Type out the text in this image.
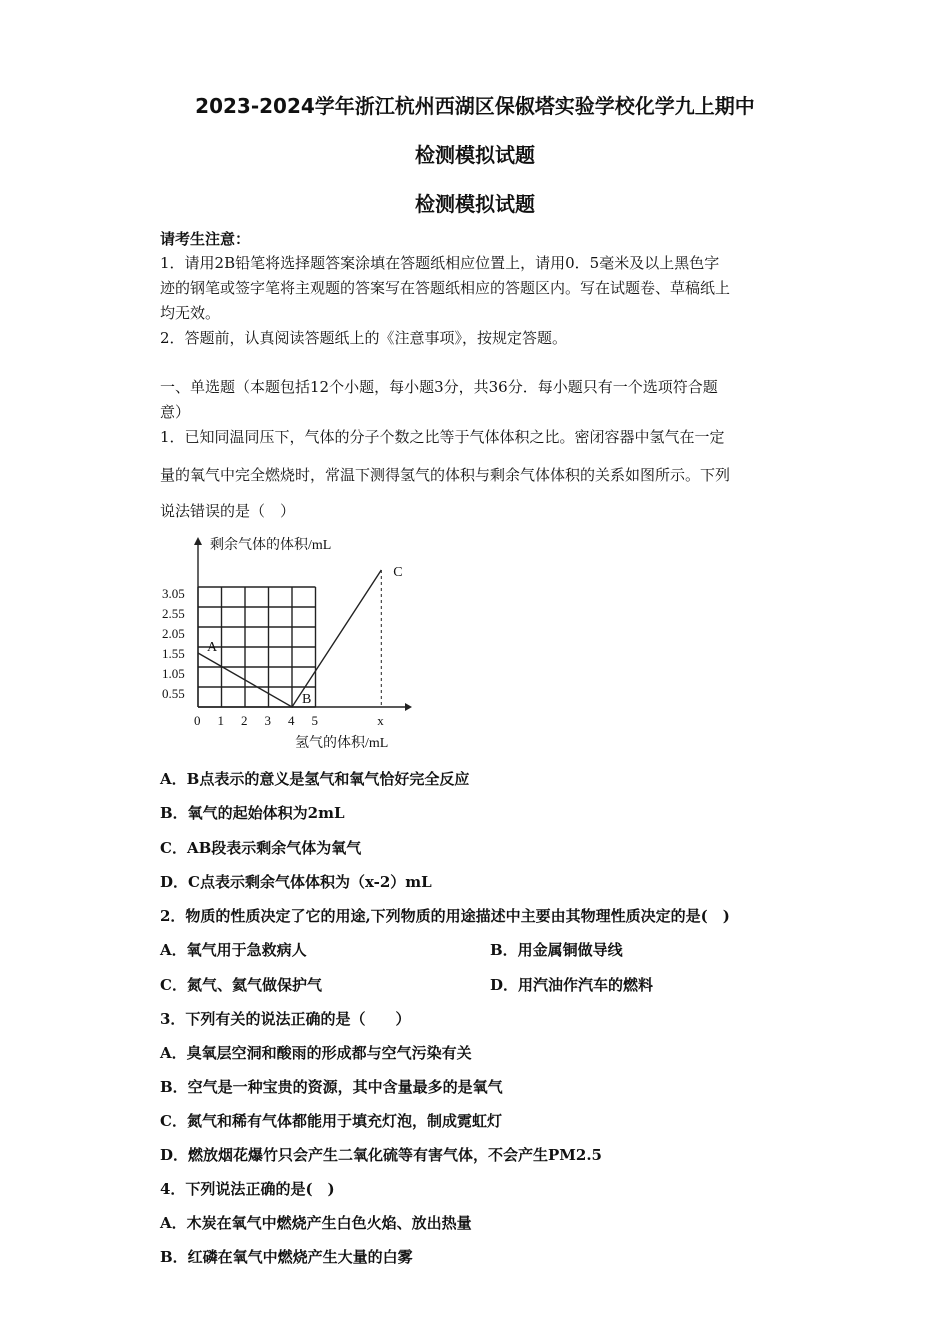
2023-2024学年浙江杭州西湖区保俶塔实验学校化学九上期中
检测模拟试题
检测模拟试题
请考生注意：
1．请用2B铅笔将选择题答案涂填在答题纸相应位置上，请用0．5毫米及以上黑色字
迹的钢笔或签字笔将主观题的答案写在答题纸相应的答题区内。写在试题卷、草稿纸上
均无效。
2．答题前，认真阅读答题纸上的《注意事项》，按规定答题。
一、单选题（本题包括12个小题，每小题3分，共36分．每小题只有一个选项符合题
意）
1．已知同温同压下，气体的分子个数之比等于气体体积之比。密闭容器中氢气在一定
量的氧气中完全燃烧时，常温下测得氢气的体积与剩余气体体积的关系如图所示。下列
说法错误的是（　）
0.55
1.05
1.55
2.05
2.55
3.05
0 1 2 3 4 5	x
剩余气体的体积/mL
氢气的体积/mL
A
B
C
A．B点表示的意义是氢气和氧气恰好完全反应
B．氧气的起始体积为2mL
C．AB段表示剩余气体为氧气
D．C点表示剩余气体体积为（x-2）mL
2．物质的性质决定了它的用途,下列物质的用途描述中主要由其物理性质决定的是(　)
A．氧气用于急救病人	B．用金属铜做导线
C．氮气、氦气做保护气	D．用汽油作汽车的燃料
3．下列有关的说法正确的是（　　）
A．臭氧层空洞和酸雨的形成都与空气污染有关
B．空气是一种宝贵的资源，其中含量最多的是氧气
C．氮气和稀有气体都能用于填充灯泡，制成霓虹灯
D．燃放烟花爆竹只会产生二氧化硫等有害气体，不会产生PM2.5
4．下列说法正确的是(　)
A．木炭在氧气中燃烧产生白色火焰、放出热量
B．红磷在氧气中燃烧产生大量的白雾
